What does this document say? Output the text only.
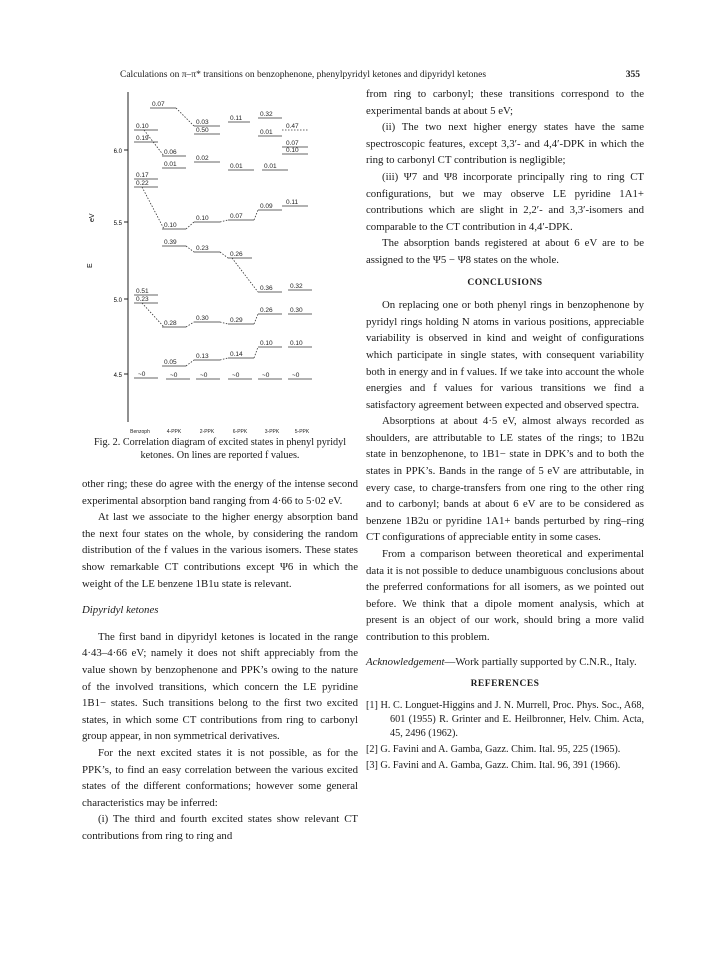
Calculations on π–π* transitions on benzophenone, phenylpyridyl ketones and dipyridyl ketones	355
6.0
5.5
5.0
4.5
eV
E
0.07
0.10
0.19
0.03
0.50
0.11
0.32
0.47
0.01
0.07
0.10
0.06
0.01
0.02
0.01	0.01
0.17
0.22
0.09
0.11
0.10
0.07
0.10
0.39
0.23
0.26
0.36	0.32
0.51
0.23
0.26	0.30
0.28
0.30	0.29
0.10	0.10
0.05
0.13	0.14
~0	~0	~0	~0	~0	~0
Benzoph	4-PPK	2-PPK	6-PPK	3-PPK	5-PPK
Fig. 2. Correlation diagram of excited states in phenyl pyridyl ketones. On lines are reported f values.

other ring; these do agree with the energy of the intense second experimental absorption band ranging from 4·66 to 5·02 eV.

At last we associate to the higher energy absorption band the next four states on the whole, by considering the random distribution of the f values in the various isomers. These states show remarkable CT contributions except Ψ6 in which the weight of the LE benzene 1B1u state is relevant.

Dipyridyl ketones

The first band in dipyridyl ketones is located in the range 4·43–4·66 eV; namely it does not shift appreciably from the value shown by benzophenone and PPK’s owing to the nature of the involved transitions, which concern the LE pyridine 1B1− states. Such transitions belong to the first two excited states, in which some CT contributions from ring to carbonyl group appear, in non symmetrical derivatives.

For the next excited states it is not possible, as for the PPK’s, to find an easy correlation between the various excited states of the different conformations; however some general characteristics may be inferred:

(i) The third and fourth excited states show relevant CT contributions from ring to ring and

from ring to carbonyl; these transitions correspond to the experimental bands at about 5 eV;

(ii) The two next higher energy states have the same spectroscopic features, except 3,3′- and 4,4′-DPK in which the ring to carbonyl CT contribution is negligible;

(iii) Ψ7 and Ψ8 incorporate principally ring to ring CT configurations, but we may observe LE pyridine 1A1+ contributions which are slight in 2,2′- and 3,3′-isomers and comparable to the CT contribution in 4,4′-DPK.

The absorption bands registered at about 6 eV are to be assigned to the Ψ5 − Ψ8 states on the whole.

CONCLUSIONS

On replacing one or both phenyl rings in benzophenone by pyridyl rings holding N atoms in various positions, appreciable variability is observed in kind and weight of configurations which participate in single states, with consequent variability both in energy and in f values. If we take into account the whole energies and f values for various transitions we find a satisfactory agreement between expected and observed spectra.

Absorptions at about 4·5 eV, almost always recorded as shoulders, are attributable to LE states of the rings; to 1B2u state in benzophenone, to 1B1− state in DPK’s and to both the states in PPK’s. Bands in the range of 5 eV are attributable, in every case, to charge-transfers from one ring to the other ring and to carbonyl; bands at about 6 eV are to be considered as benzene 1B2u or pyridine 1A1+ bands perturbed by ring–ring CT configurations of appreciable entity in some cases.

From a comparison between theoretical and experimental data it is not possible to deduce unambiguous conclusions about the preferred conformations for all isomers, as we pointed out before. We think that a dipole moment analysis, which at present is an object of our work, should bring a more valid contribution to this problem.

Acknowledgement—Work partially supported by C.N.R., Italy.

REFERENCES

[1] H. C. Longuet-Higgins and J. N. Murrell, Proc. Phys. Soc., A68, 601 (1955) R. Grinter and E. Heilbronner, Helv. Chim. Acta, 45, 2496 (1962).

[2] G. Favini and A. Gamba, Gazz. Chim. Ital. 95, 225 (1965).

[3] G. Favini and A. Gamba, Gazz. Chim. Ital. 96, 391 (1966).
